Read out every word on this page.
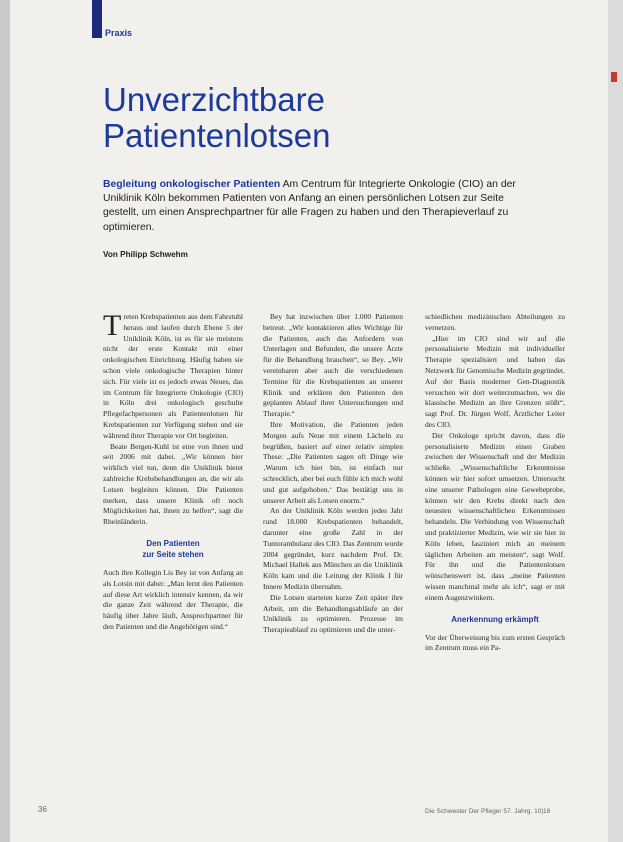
Praxis
Unverzichtbare
Patientenlotsen
Begleitung onkologischer Patienten Am Centrum für Integrierte Onkologie (CIO) an der Uniklinik Köln bekommen Patienten von Anfang an einen persönlichen Lotsen zur Seite gestellt, um einen Ansprechpartner für alle Fragen zu haben und den Therapieverlauf zu optimieren.
Von Philipp Schwehm

Treten Krebspatienten aus dem Fahrstuhl heraus und laufen durch Ebene 5 der Uniklinik Köln, ist es für sie meistens nicht der erste Kontakt mit einer onkologischen Einrichtung. Häufig haben sie schon viele onkologische Therapien hinter sich. Für viele ist es jedoch etwas Neues, das im Centrum für Integrierte Onkologie (CIO) in Köln drei onkologisch geschulte Pflegefachpersonen als Patientenlotsen für Krebspatienten zur Verfügung stehen und sie während ihrer Therapie vor Ort begleiten.

Beate Bergen-Kuhl ist eine von ihnen und seit 2006 mit dabei. „Wir können hier wirklich viel tun, denn die Uniklinik bietet zahlreiche Krebsbehandlungen an, die wir als Lotsen begleiten können. Die Patienten merken, dass unsere Klinik oft noch Möglichkeiten hat, ihnen zu helfen“, sagt die Rheinländerin.

Den Patienten
zur Seite stehen

Auch ihre Kollegin Lis Bey ist von Anfang an als Lotsin mit dabei: „Man lernt den Patienten auf diese Art wirklich intensiv kennen, da wir die ganze Zeit während der Therapie, die häufig über Jahre läuft, Ansprechpartner für den Patienten und die Angehörigen sind.“

Bey hat inzwischen über 1.000 Patienten betreut. „Wir kontaktieren alles Wichtige für die Patienten, auch das Anfordern von Unterlagen und Befunden, die unsere Ärzte für die Behandlung brauchen“, so Bey. „Wir vereinbaren aber auch die verschiedenen Termine für die Krebspatienten an unserer Klinik und erklären den Patienten den geplanten Ablauf ihrer Untersuchungen und Therapie.“

Ihre Motivation, die Patienten jeden Morgen aufs Neue mit einem Lächeln zu begrüßen, basiert auf einer relativ simplen These: „Die Patienten sagen oft Dinge wie ‚Warum ich hier bin, ist einfach nur schrecklich, aber bei euch fühle ich mich wohl und gut aufgehoben.‘ Das bestätigt uns in unserer Arbeit als Lotsen enorm.“

An der Uniklinik Köln werden jedes Jahr rund 18.000 Krebspatienten behandelt, darunter eine große Zahl in der Tumorambulanz des CIO. Das Zentrum wurde 2004 gegründet, kurz nachdem Prof. Dr. Michael Hallek aus München an die Uniklinik Köln kam und die Leitung der Klinik I für Innere Medizin übernahm.

Die Lotsen starteten kurze Zeit später ihre Arbeit, um die Behandlungsabläufe an der Uniklinik zu optimieren. Prozesse im Therapieablauf zu optimieren und die unter-

schiedlichen medizinischen Abteilungen zu vernetzen.

„Hier im CIO sind wir auf die personalisierte Medizin mit individueller Therapie spezialisiert und haben das Netzwerk für Genomische Medizin gegründet. Auf der Basis moderner Gen-Diagnostik versuchen wir dort weiterzumachen, wo die klassische Medizin an ihre Grenzen stößt“, sagt Prof. Dr. Jürgen Wolf, Ärztlicher Leiter des CIO.

Der Onkologe spricht davon, dass die personalisierte Medizin einen Graben zwischen der Wissenschaft und der Medizin schließe. „Wissenschaftliche Erkenntnisse können wir hier sofort umsetzen. Untersucht eine unserer Pathologen eine Gewebeprobe, können wir den Krebs direkt nach den neuesten wissenschaftlichen Erkenntnissen behandeln. Die Verbindung von Wissenschaft und praktizierter Medizin, wie wir sie hier in Köln leben, fasziniert mich an meinem täglichen Arbeiten am meisten“, sagt Wolf. Für ihn und die Patientenlotsen wünschenswert ist, dass „meine Patienten wissen manchmal mehr als ich“, sagt er mit einem Augenzwinkern.

Anerkennung erkämpft

Vor der Überweisung bis zum ersten Gespräch im Zentrum muss ein Pa-

36	Die Schwester Der Pfleger 57. Jahrg. 10|18
